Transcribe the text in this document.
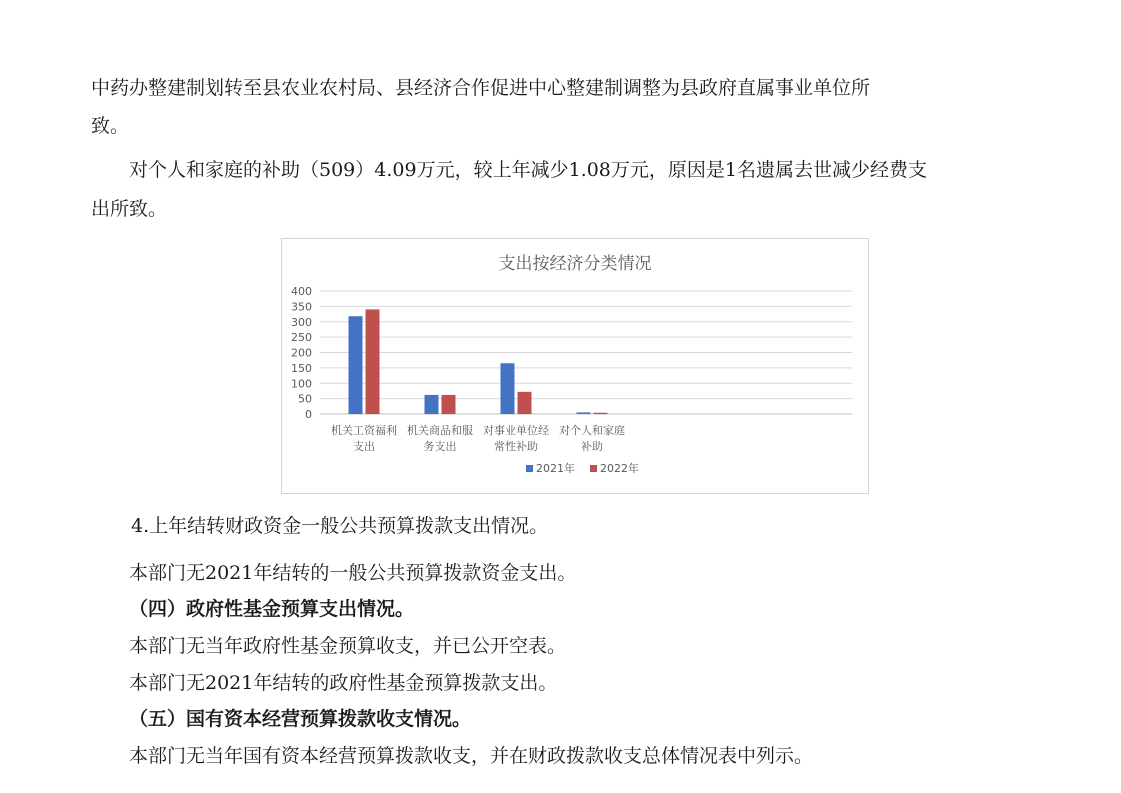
中药办整建制划转至县农业农村局、县经济合作促进中心整建制调整为县政府直属事业单位所
致。
对个人和家庭的补助（509）4.09万元，较上年减少1.08万元，原因是1名遗属去世减少经费支
出所致。
支出按经济分类情况
0
50
100
150
200
250
300
350
400
机关工资福利
支出
机关商品和服
务支出
对事业单位经
常性补助
对个人和家庭
补助
2021年 2022年
4.上年结转财政资金一般公共预算拨款支出情况。
本部门无2021年结转的一般公共预算拨款资金支出。
（四）政府性基金预算支出情况。
本部门无当年政府性基金预算收支，并已公开空表。
本部门无2021年结转的政府性基金预算拨款支出。
（五）国有资本经营预算拨款收支情况。
本部门无当年国有资本经营预算拨款收支，并在财政拨款收支总体情况表中列示。
